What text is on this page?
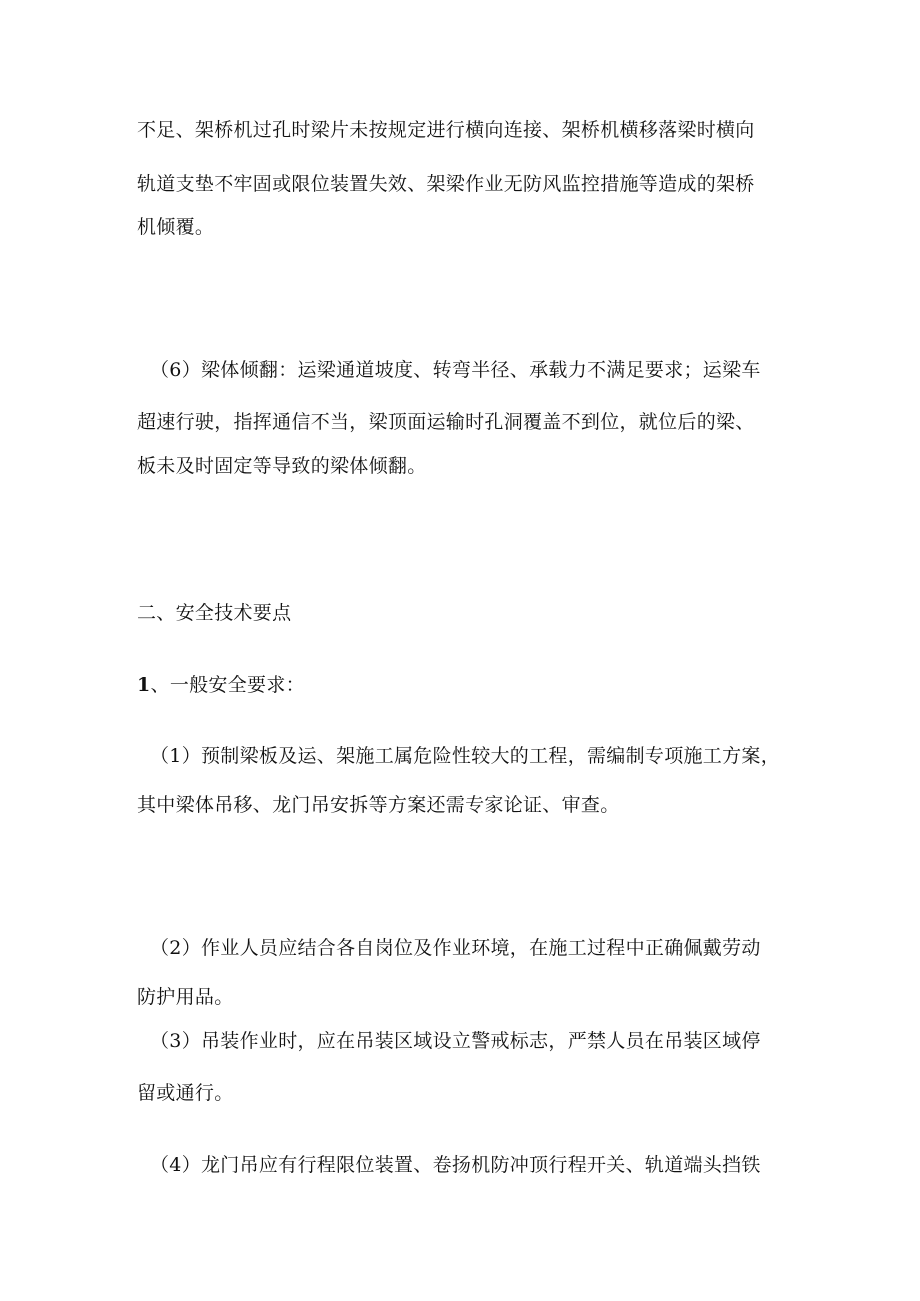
不足、架桥机过孔时梁片未按规定进行横向连接、架桥机横移落梁时横向

轨道支垫不牢固或限位装置失效、架梁作业无防风监控措施等造成的架桥

机倾覆。

（6）梁体倾翻：运梁通道坡度、转弯半径、承载力不满足要求；运梁车

超速行驶，指挥通信不当，梁顶面运输时孔洞覆盖不到位，就位后的梁、

板未及时固定等导致的梁体倾翻。

二、安全技术要点

1、一般安全要求：

（1）预制梁板及运、架施工属危险性较大的工程，需编制专项施工方案，

其中梁体吊移、龙门吊安拆等方案还需专家论证、审查。

（2）作业人员应结合各自岗位及作业环境，在施工过程中正确佩戴劳动

防护用品。

（3）吊装作业时，应在吊装区域设立警戒标志，严禁人员在吊装区域停

留或通行。

（4）龙门吊应有行程限位装置、卷扬机防冲顶行程开关、轨道端头挡铁
